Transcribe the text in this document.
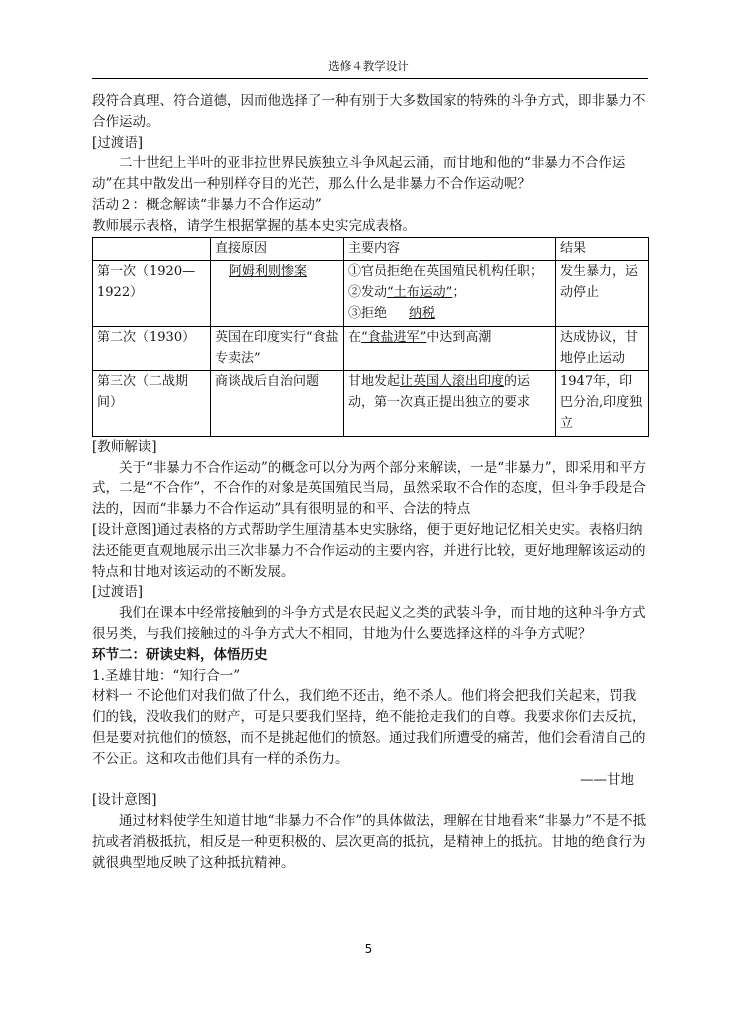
选修４教学设计

段符合真理、符合道德，因而他选择了一种有别于大多数国家的特殊的斗争方式，即非暴力不合作运动。

[过渡语]

二十世纪上半叶的亚非拉世界民族独立斗争风起云涌，而甘地和他的“非暴力不合作运动”在其中散发出一种别样夺目的光芒，那么什么是非暴力不合作运动呢？

活动２：概念解读“非暴力不合作运动”

教师展示表格，请学生根据掌握的基本史实完成表格。

	直接原因	主要内容	结果
第一次（1920—1922）	阿姆利则惨案	①官员拒绝在英国殖民机构任职；
②发动“土布运动”；
③拒绝 纳税	发生暴力，运动停止
第二次（1930）	英国在印度实行“食盐专卖法”	在“食盐进军”中达到高潮	达成协议，甘地停止运动
第三次（二战期间）	商谈战后自治问题	甘地发起让英国人滚出印度的运动，第一次真正提出独立的要求	1947年，印巴分治,印度独立

[教师解读]

关于“非暴力不合作运动”的概念可以分为两个部分来解读，一是“非暴力”，即采用和平方式，二是“不合作”，不合作的对象是英国殖民当局，虽然采取不合作的态度，但斗争手段是合法的，因而“非暴力不合作运动”具有很明显的和平、合法的特点

[设计意图]通过表格的方式帮助学生厘清基本史实脉络，便于更好地记忆相关史实。表格归纳法还能更直观地展示出三次非暴力不合作运动的主要内容，并进行比较，更好地理解该运动的特点和甘地对该运动的不断发展。

[过渡语]

我们在课本中经常接触到的斗争方式是农民起义之类的武装斗争，而甘地的这种斗争方式很另类，与我们接触过的斗争方式大不相同，甘地为什么要选择这样的斗争方式呢？

环节二：研读史料，体悟历史

1.圣雄甘地：“知行合一”

材料一 不论他们对我们做了什么，我们绝不还击，绝不杀人。他们将会把我们关起来，罚我们的钱，没收我们的财产，可是只要我们坚持，绝不能抢走我们的自尊。我要求你们去反抗，但是要对抗他们的愤怒，而不是挑起他们的愤怒。通过我们所遭受的痛苦，他们会看清自己的不公正。这和攻击他们具有一样的杀伤力。

——甘地

[设计意图]

通过材料使学生知道甘地“非暴力不合作”的具体做法，理解在甘地看来“非暴力”不是不抵抗或者消极抵抗，相反是一种更积极的、层次更高的抵抗，是精神上的抵抗。甘地的绝食行为就很典型地反映了这种抵抗精神。

5
